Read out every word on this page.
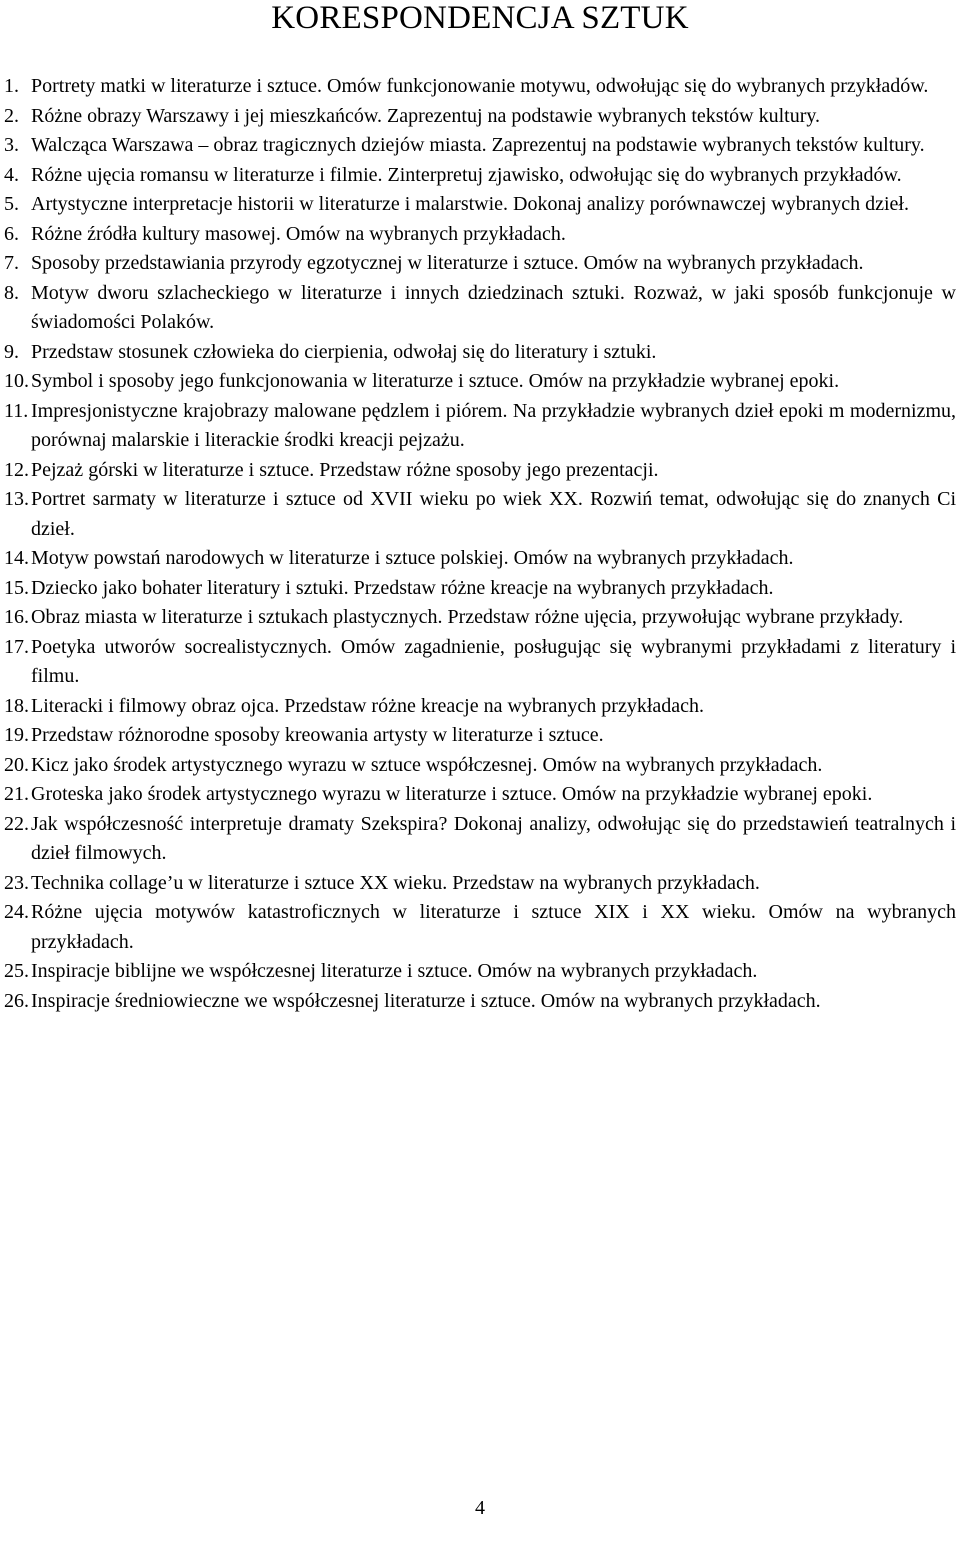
KORESPONDENCJA SZTUK
1. Portrety matki w literaturze i sztuce. Omów funkcjonowanie motywu, odwołując się do wybranych przykładów.
2. Różne obrazy Warszawy i jej mieszkańców. Zaprezentuj na podstawie wybranych tekstów kultury.
3. Walcząca Warszawa – obraz tragicznych dziejów miasta. Zaprezentuj na podstawie wybranych tekstów kultury.
4. Różne ujęcia romansu w literaturze i filmie. Zinterpretuj zjawisko, odwołując się do wybranych przykładów.
5. Artystyczne interpretacje historii w literaturze i malarstwie. Dokonaj analizy porównawczej wybranych dzieł.
6. Różne źródła kultury masowej. Omów na wybranych przykładach.
7. Sposoby przedstawiania przyrody egzotycznej w literaturze i sztuce. Omów na wybranych przykładach.
8. Motyw dworu szlacheckiego w literaturze i innych dziedzinach sztuki. Rozważ, w jaki sposób funkcjonuje w świadomości Polaków.
9. Przedstaw stosunek człowieka do cierpienia, odwołaj się do literatury i sztuki.
10. Symbol i sposoby jego funkcjonowania w literaturze i sztuce. Omów na przykładzie wybranej epoki.
11. Impresjonistyczne krajobrazy malowane pędzlem i piórem. Na przykładzie wybranych dzieł epoki m modernizmu, porównaj malarskie i literackie środki kreacji pejzażu.
12. Pejzaż górski w literaturze i sztuce. Przedstaw różne sposoby jego prezentacji.
13. Portret sarmaty w literaturze i sztuce od XVII wieku po wiek XX. Rozwiń temat, odwołując się do znanych Ci dzieł.
14. Motyw powstań narodowych w literaturze i sztuce polskiej. Omów na wybranych przykładach.
15. Dziecko jako bohater literatury i sztuki. Przedstaw różne kreacje na wybranych przykładach.
16. Obraz miasta w literaturze i sztukach plastycznych. Przedstaw różne ujęcia, przywołując wybrane przykłady.
17. Poetyka utworów socrealistycznych. Omów zagadnienie, posługując się wybranymi przykładami z literatury i filmu.
18. Literacki i filmowy obraz ojca. Przedstaw różne kreacje na wybranych przykładach.
19. Przedstaw różnorodne sposoby kreowania artysty w literaturze i sztuce.
20. Kicz jako środek artystycznego wyrazu w sztuce współczesnej. Omów na wybranych przykładach.
21. Groteska jako środek artystycznego wyrazu w literaturze i sztuce. Omów na przykładzie wybranej epoki.
22. Jak współczesność interpretuje dramaty Szekspira? Dokonaj analizy, odwołując się do przedstawień teatralnych i dzieł filmowych.
23. Technika collage’u w literaturze i sztuce XX wieku. Przedstaw na wybranych przykładach.
24. Różne ujęcia motywów katastroficznych w literaturze i sztuce XIX i XX wieku. Omów na wybranych przykładach.
25. Inspiracje biblijne we współczesnej literaturze i sztuce. Omów na wybranych przykładach.
26. Inspiracje średniowieczne we współczesnej literaturze i sztuce. Omów na wybranych przykładach.
4
